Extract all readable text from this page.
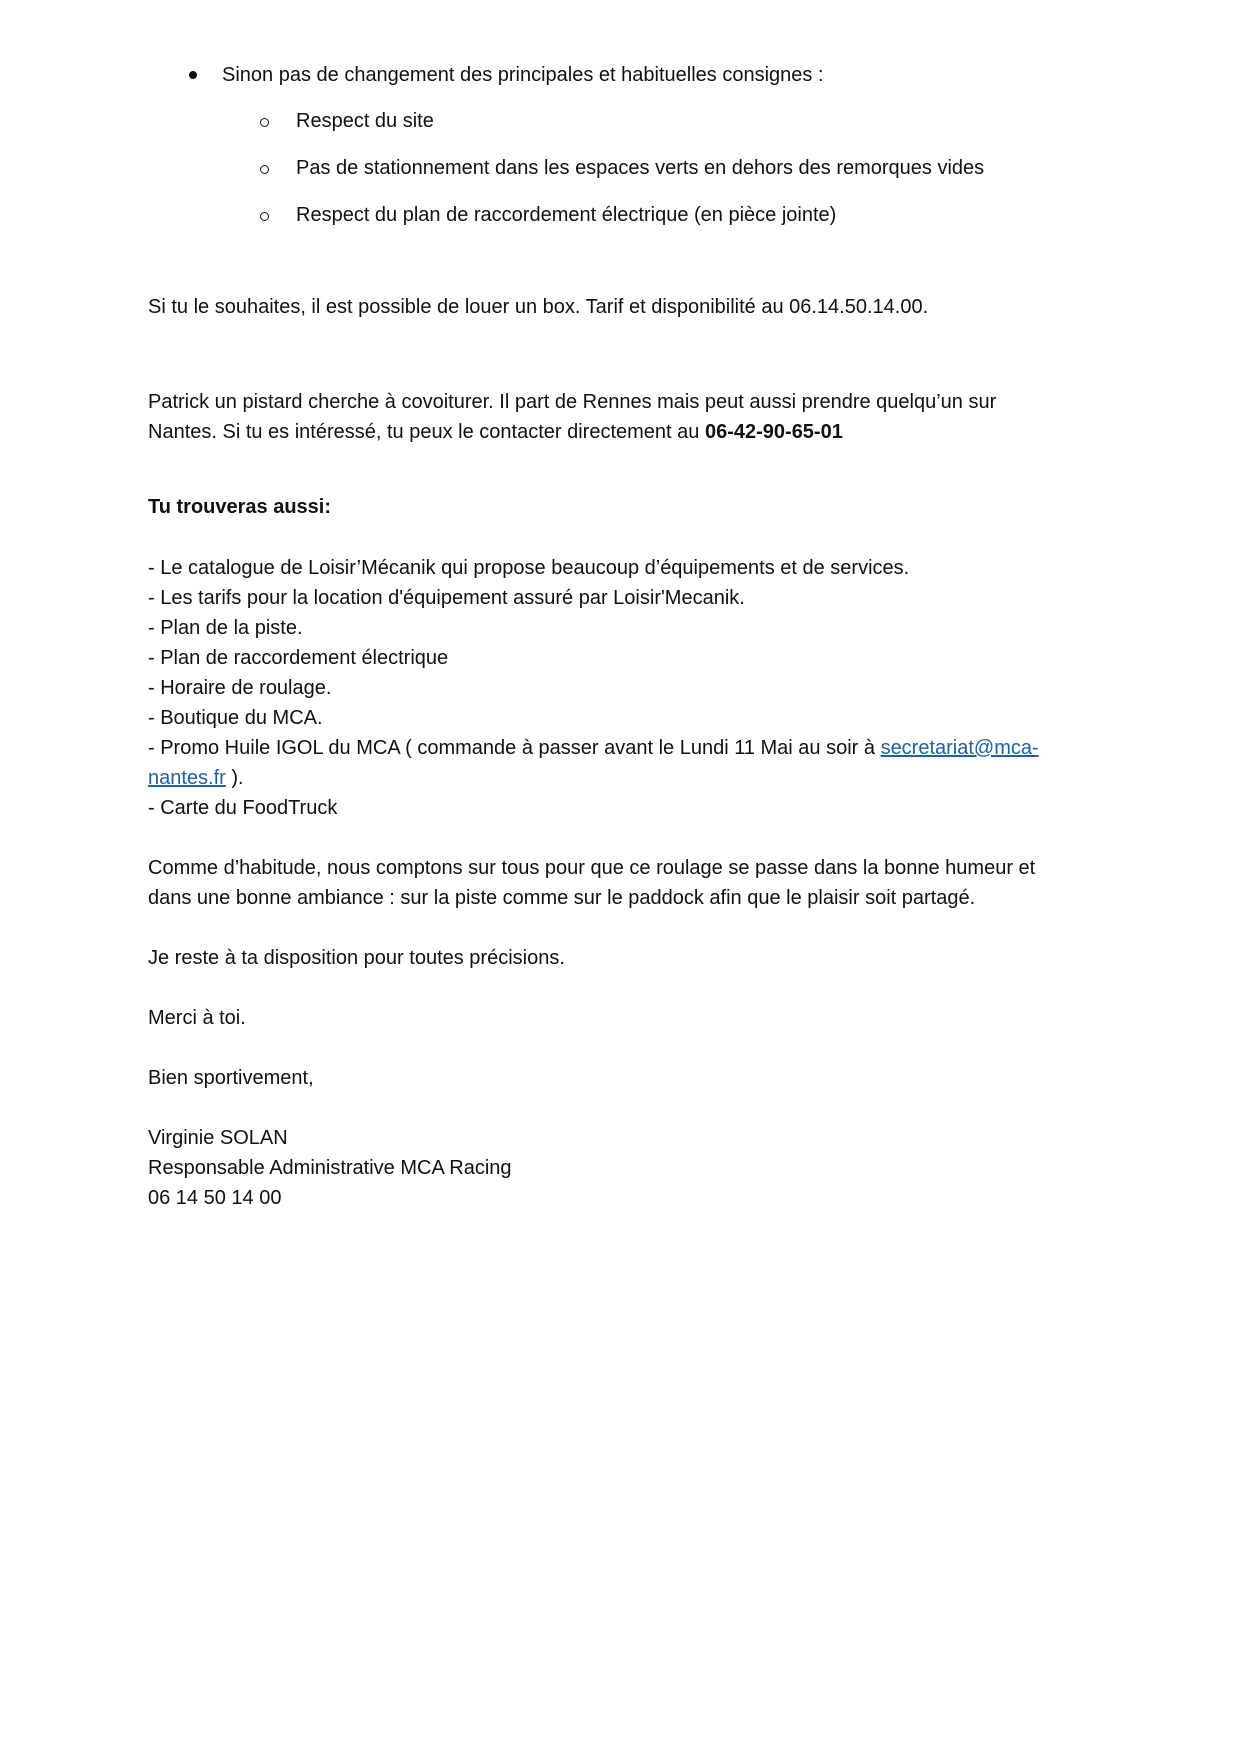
Sinon pas de changement des principales et habituelles consignes :
Respect du site
Pas de stationnement dans les espaces verts en dehors des remorques vides
Respect du plan de raccordement électrique (en pièce jointe)
Si tu le souhaites, il est possible de louer un box. Tarif et disponibilité au 06.14.50.14.00.
Patrick un pistard cherche à covoiturer. Il part de Rennes mais peut aussi prendre quelqu’un sur
Nantes. Si tu es intéressé, tu peux le contacter directement au 06-42-90-65-01
Tu trouveras aussi:
- Le catalogue de Loisir’Mécanik qui propose beaucoup d’équipements et de services.
- Les tarifs pour la location d'équipement assuré par Loisir'Mecanik.
- Plan de la piste.
- Plan de raccordement électrique
- Horaire de roulage.
- Boutique du MCA.
- Promo Huile IGOL du MCA ( commande à passer avant le Lundi 11 Mai au soir à secretariat@mca-
nantes.fr ).
- Carte du FoodTruck
Comme d’habitude, nous comptons sur tous pour que ce roulage se passe dans la bonne humeur et
dans une bonne ambiance : sur la piste comme sur le paddock afin que le plaisir soit partagé.
Je reste à ta disposition pour toutes précisions.
Merci à toi.
Bien sportivement,
Virginie SOLAN
Responsable Administrative MCA Racing
06 14 50 14 00
